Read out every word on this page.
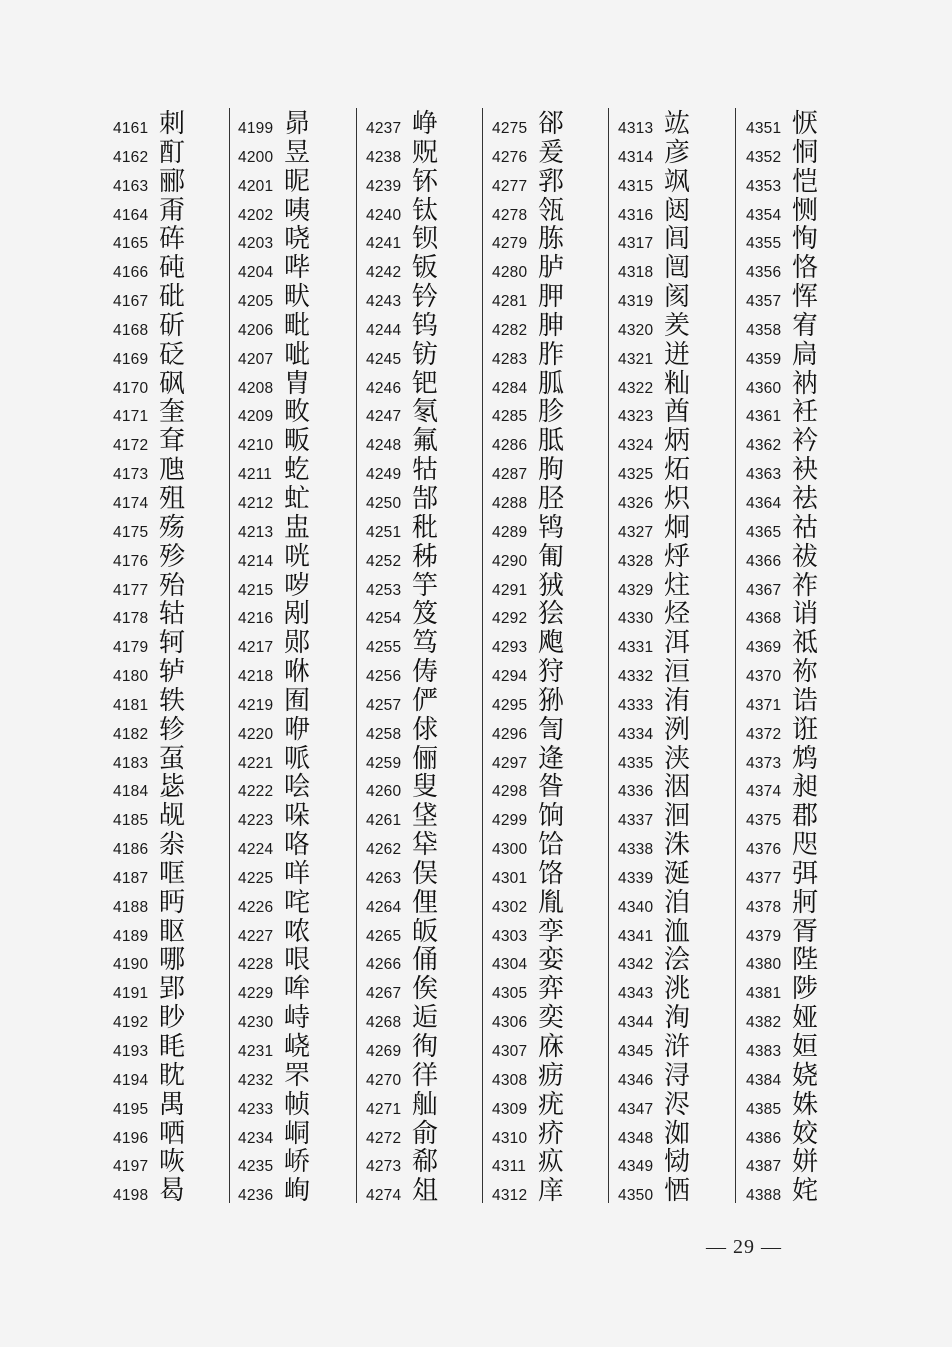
4161 刺
4162 酊
4163 郦
4164 甭
4165 砗
4166 砘
4167 砒
4168 斫
4169 砭
4170 砜
4171 奎
4172 耷
4173 虺
4174 殂
4175 殇
4176 殄
4177 殆
4178 轱
4179 轲
4180 轳
4181 轶
4182 轸
4183 虿
4184 毖
4185 觇
4186 尜
4187 哐
4188 眄
4189 眍
4190 哪
4191 郢
4192 眇
4193 眊
4194 眈
4195 禺
4196 哂
4197 咴
4198 曷
4199 昴
4200 昱
4201 昵
4202 咦
4203 哓
4204 哔
4205 畎
4206 毗
4207 呲
4208 胄
4209 畋
4210 畈
4211 虼
4212 虻
4213 盅
4214 咣
4215 哕
4216 剐
4217 郧
4218 咻
4219 囿
4220 咿
4221 哌
4222 哙
4223 哚
4224 咯
4225 咩
4226 咤
4227 哝
4228 哏
4229 哞
4230 峙
4231 峣
4232 罘
4233 帧
4234 峒
4235 峤
4236 峋
4237 峥
4238 贶
4239 钚
4240 钛
4241 钡
4242 钣
4243 钤
4244 钨
4245 钫
4246 钯
4247 氡
4248 氟
4249 牯
4250 郜
4251 秕
4252 秭
4253 竽
4254 笈
4255 笃
4256 俦
4257 俨
4258 俅
4259 俪
4260 叟
4261 垡
4262 牮
4263 俣
4264 俚
4265 皈
4266 俑
4267 俟
4268 逅
4269 徇
4270 徉
4271 舢
4272 俞
4273 郗
4274 俎
4275 郤
4276 爰
4277 郛
4278 瓴
4279 胨
4280 胪
4281 胛
4282 胂
4283 胙
4284 胍
4285 胗
4286 胝
4287 朐
4288 胫
4289 鸨
4290 匍
4291 狨
4292 狯
4293 飑
4294 狩
4295 狲
4296 訇
4297 逄
4298 昝
4299 饷
4300 饸
4301 饹
4302 胤
4303 孪
4304 娈
4305 弈
4306 奕
4307 庥
4308 疬
4309 疣
4310 疥
4311 疭
4312 庠
4313 竑
4314 彦
4315 飒
4316 闼
4317 闾
4318 闿
4319 阂
4320 羑
4321 迸
4322 籼
4323 酋
4324 炳
4325 炻
4326 炽
4327 炯
4328 烀
4329 炷
4330 烃
4331 洱
4332 洹
4333 洧
4334 洌
4335 浃
4336 洇
4337 洄
4338 洙
4339 涎
4340 洎
4341 洫
4342 浍
4343 洮
4344 洵
4345 浒
4346 浔
4347 浕
4348 洳
4349 恸
4350 恓
4351 恹
4352 恫
4353 恺
4354 恻
4355 恂
4356 恪
4357 恽
4358 宥
4359 扃
4360 衲
4361 衽
4362 衿
4363 袂
4364 祛
4365 祜
4366 祓
4367 祚
4368 诮
4369 祗
4370 祢
4371 诰
4372 诳
4373 鸩
4374 昶
4375 郡
4376 咫
4377 弭
4378 牁
4379 胥
4380 陛
4381 陟
4382 娅
4383 姮
4384 娆
4385 姝
4386 姣
4387 姘
4388 姹
— 29 —
